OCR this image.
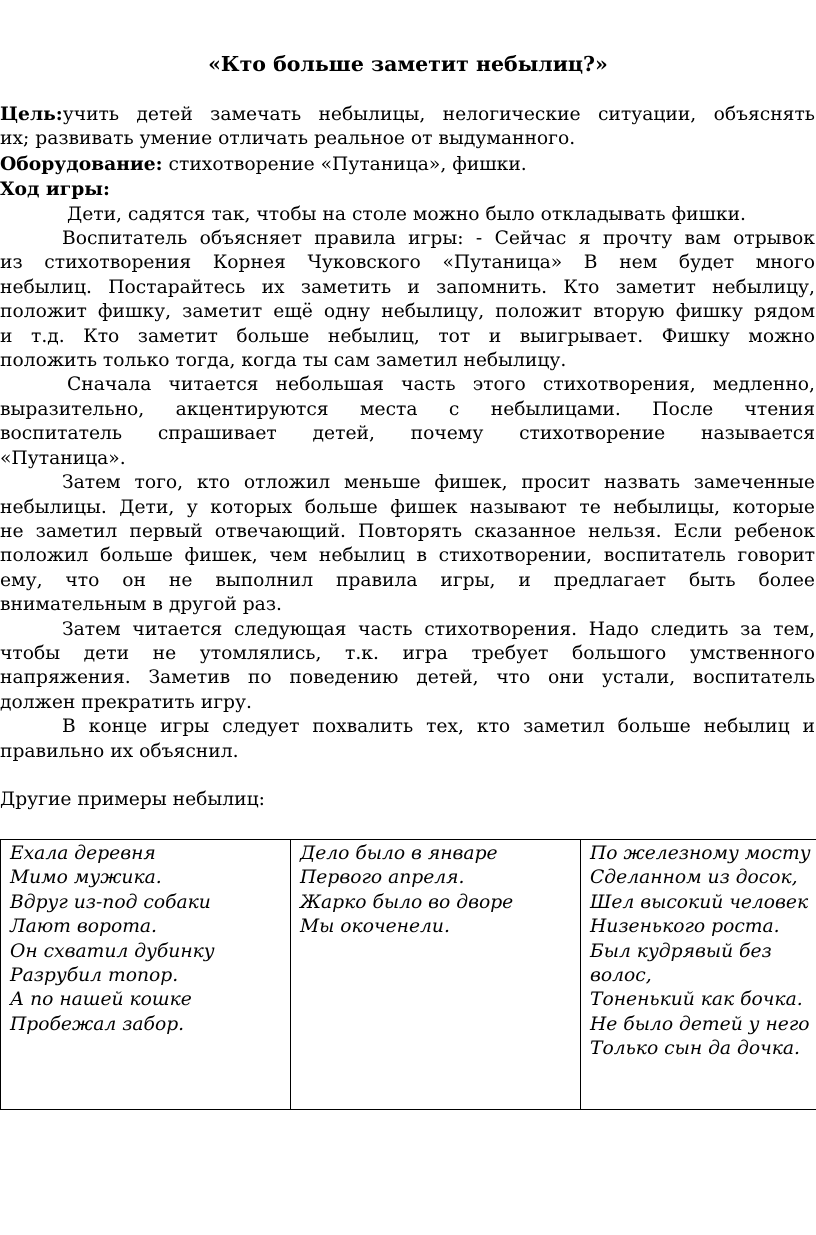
«Кто больше заметит небылиц?»

Цель:учить детей замечать небылицы, нелогические ситуации, объяснять
их; развивать умение отличать реальное от выдуманного.

Оборудование: стихотворение «Путаница», фишки.

Ход игры:

Дети, садятся так, чтобы на столе можно было откладывать фишки.

Воспитатель объясняет правила игры: - Сейчас я прочту вам отрывок
из стихотворения Корнея Чуковского «Путаница» В нем будет много
небылиц. Постарайтесь их заметить и запомнить. Кто заметит небылицу,
положит фишку, заметит ещё одну небылицу, положит вторую фишку рядом
и т.д. Кто заметит больше небылиц, тот и выигрывает. Фишку можно
положить только тогда, когда ты сам заметил небылицу.

Сначала читается небольшая часть этого стихотворения, медленно,
выразительно, акцентируются места с небылицами. После чтения
воспитатель спрашивает детей, почему стихотворение называется
«Путаница».

Затем того, кто отложил меньше фишек, просит назвать замеченные
небылицы. Дети, у которых больше фишек называют те небылицы, которые
не заметил первый отвечающий. Повторять сказанное нельзя. Если ребенок
положил больше фишек, чем небылиц в стихотворении, воспитатель говорит
ему, что он не выполнил правила игры, и предлагает быть более
внимательным в другой раз.

Затем читается следующая часть стихотворения. Надо следить за тем,
чтобы дети не утомлялись, т.к. игра требует большого умственного
напряжения. Заметив по поведению детей, что они устали, воспитатель
должен прекратить игру.

В конце игры следует похвалить тех, кто заметил больше небылиц и
правильно их объяснил.

Другие примеры небылиц:

Ехала деревня
Мимо мужика.
Вдруг из-под собаки
Лают ворота.
Он схватил дубинку
Разрубил топор.
А по нашей кошке
Пробежал забор.

Дело было в январе
Первого апреля.
Жарко было во дворе
Мы окоченели.

По железному мосту
Сделанном из досок,
Шел высокий человек
Низенького роста.
Был кудрявый без
волос,
Тоненький как бочка.
Не было детей у него
Только сын да дочка.
